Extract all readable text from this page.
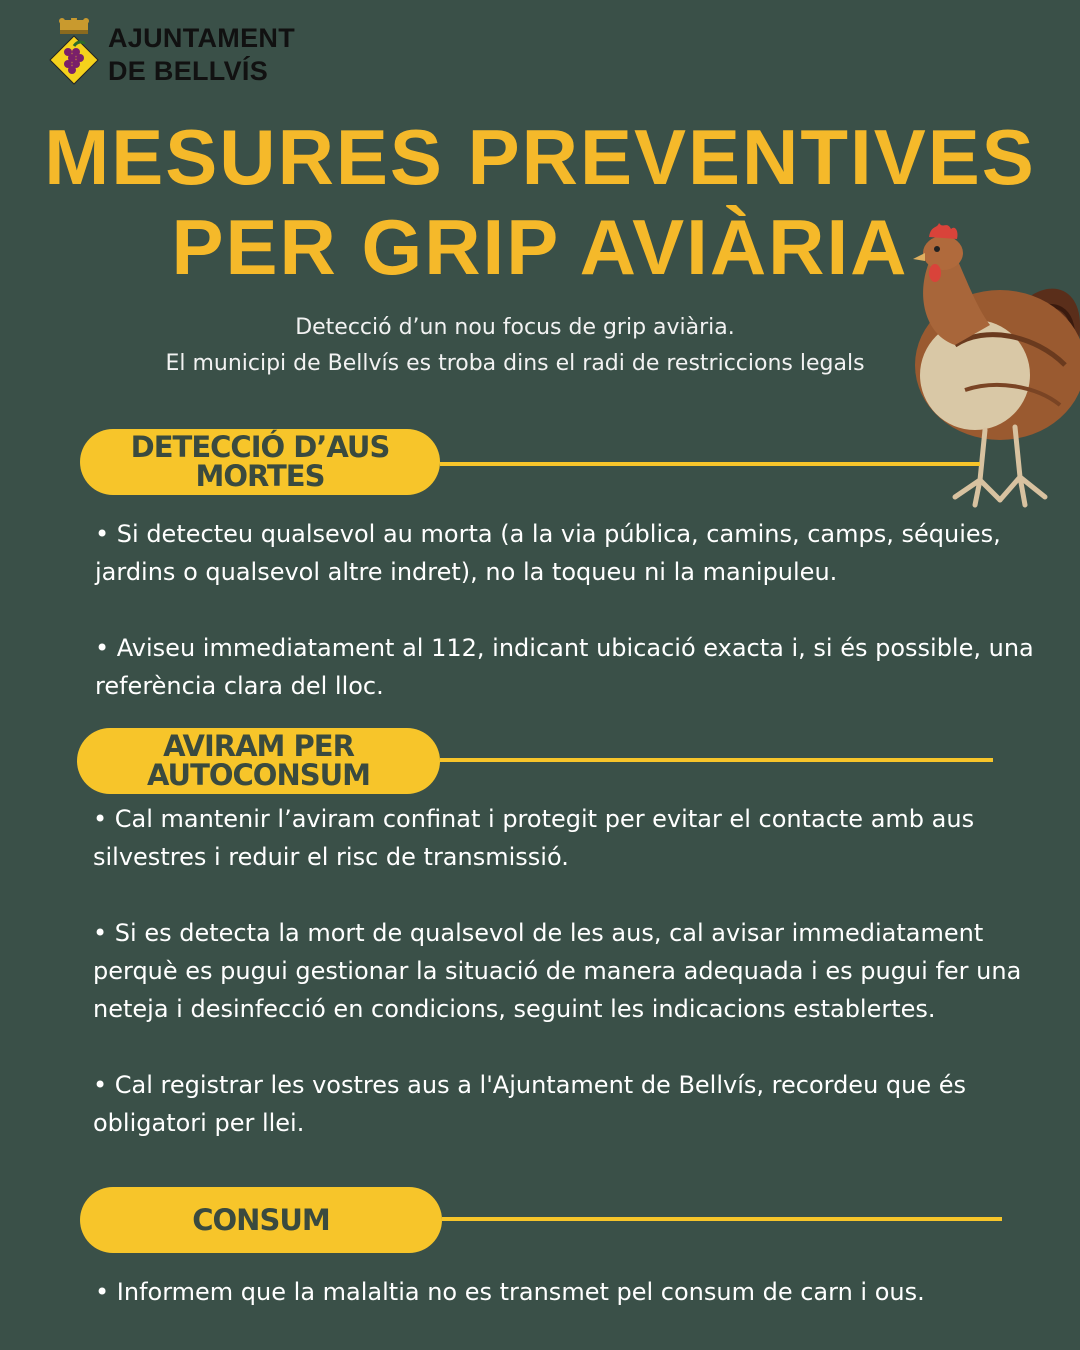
AJUNTAMENT
DE BELLVÍS
MESURES PREVENTIVES
PER GRIP AVIÀRIA
Detecció d’un nou focus de grip aviària.
El municipi de Bellvís es troba dins el radi de restriccions legals
DETECCIÓ D’AUS MORTES

• Si detecteu qualsevol au morta (a la via pública, camins, camps, séquies, jardins o qualsevol altre indret), no la toqueu ni la manipuleu.

• Aviseu immediatament al 112, indicant ubicació exacta i, si és possible, una referència clara del lloc.

AVIRAM PER AUTOCONSUM

• Cal mantenir l’aviram confinat i protegit per evitar el contacte amb aus silvestres i reduir el risc de transmissió.

• Si es detecta la mort de qualsevol de les aus, cal avisar immediatament perquè es pugui gestionar la situació de manera adequada i es pugui fer una neteja i desinfecció en condicions, seguint les indicacions establertes.

• Cal registrar les vostres aus a l'Ajuntament de Bellvís, recordeu que és obligatori per llei.

CONSUM

• Informem que la malaltia no es transmet pel consum de carn i ous.
